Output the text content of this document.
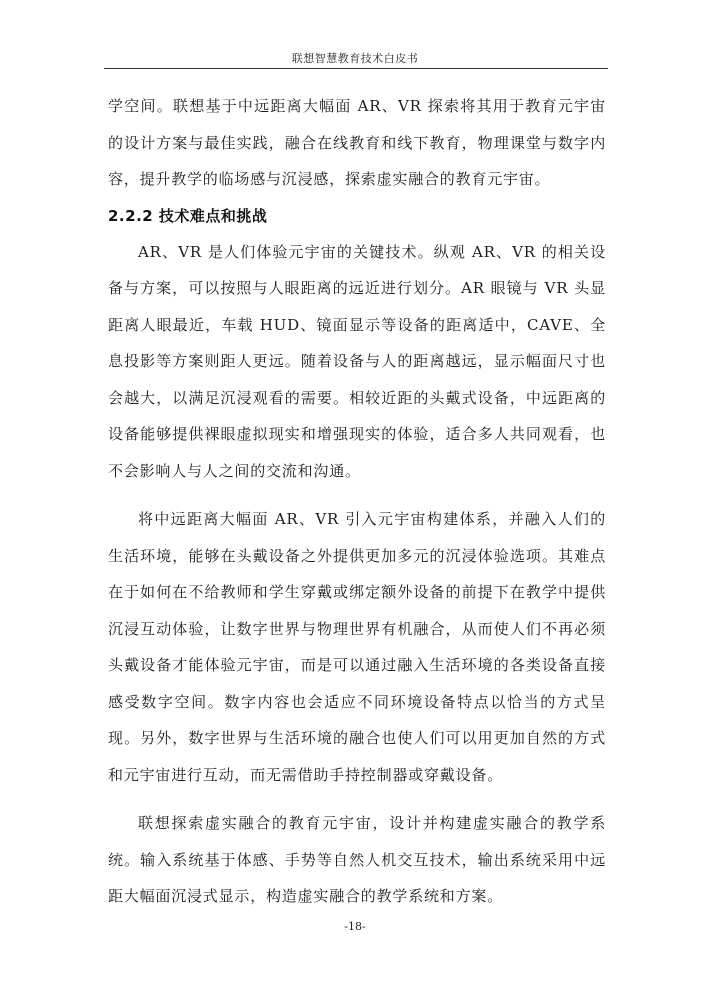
联想智慧教育技术白皮书

学空间。联想基于中远距离大幅面 AR、VR 探索将其用于教育元宇宙的设计方案与最佳实践，融合在线教育和线下教育，物理课堂与数字内容，提升教学的临场感与沉浸感，探索虚实融合的教育元宇宙。

2.2.2 技术难点和挑战

AR、VR 是人们体验元宇宙的关键技术。纵观 AR、VR 的相关设备与方案，可以按照与人眼距离的远近进行划分。AR 眼镜与 VR 头显距离人眼最近，车载 HUD、镜面显示等设备的距离适中，CAVE、全息投影等方案则距人更远。随着设备与人的距离越远，显示幅面尺寸也会越大，以满足沉浸观看的需要。相较近距的头戴式设备，中远距离的设备能够提供裸眼虚拟现实和增强现实的体验，适合多人共同观看，也不会影响人与人之间的交流和沟通。

将中远距离大幅面 AR、VR 引入元宇宙构建体系，并融入人们的生活环境，能够在头戴设备之外提供更加多元的沉浸体验选项。其难点在于如何在不给教师和学生穿戴或绑定额外设备的前提下在教学中提供沉浸互动体验，让数字世界与物理世界有机融合，从而使人们不再必须头戴设备才能体验元宇宙，而是可以通过融入生活环境的各类设备直接感受数字空间。数字内容也会适应不同环境设备特点以恰当的方式呈现。另外，数字世界与生活环境的融合也使人们可以用更加自然的方式和元宇宙进行互动，而无需借助手持控制器或穿戴设备。

联想探索虚实融合的教育元宇宙，设计并构建虚实融合的教学系统。输入系统基于体感、手势等自然人机交互技术，输出系统采用中远距大幅面沉浸式显示，构造虚实融合的教学系统和方案。

-18-
